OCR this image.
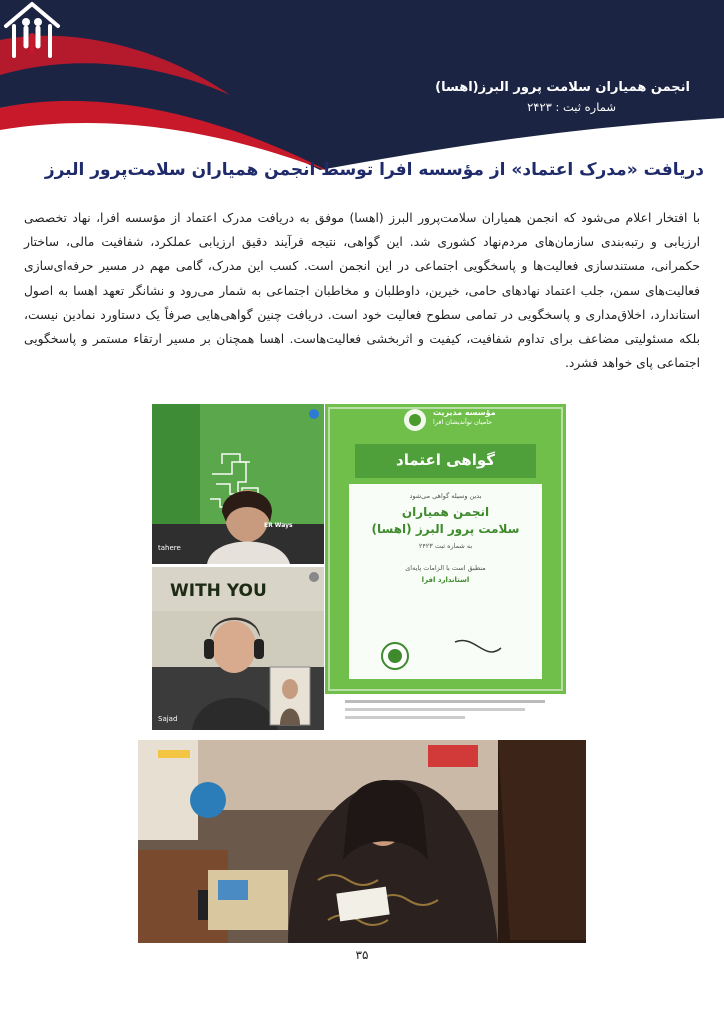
انجمن همیاران سلامت پرور البرز(اهسا)
شماره ثبت : ۲۴۲۳
دریافت «مدرک اعتماد» از مؤسسه افرا توسط انجمن همیاران سلامت‌پرور البرز
با افتخار اعلام می‌شود که انجمن همیاران سلامت‌پرور البرز (اهسا) موفق به دریافت مدرک اعتماد از مؤسسه افرا، نهاد تخصصی ارزیابی و رتبه‌بندی سازمان‌های مردم‌نهاد کشوری شد. این گواهی، نتیجه فرآیند دقیق ارزیابی عملکرد، شفافیت مالی، ساختار حکمرانی، مستندسازی فعالیت‌ها و پاسخگویی اجتماعی در این انجمن است. کسب این مدرک، گامی مهم در مسیر حرفه‌ای‌سازی فعالیت‌های سمن، جلب اعتماد نهادهای حامی، خیرین، داوطلبان و مخاطبان اجتماعی به شمار می‌رود و نشانگر تعهد اهسا به اصول استاندارد، اخلاق‌مداری و پاسخگویی در تمامی سطوح فعالیت خود است. دریافت چنین گواهی‌هایی صرفاً یک دستاورد نمادین نیست، بلکه مسئولیتی مضاعف برای تداوم شفافیت، کیفیت و اثربخشی فعالیت‌هاست. اهسا همچنان بر مسیر ارتقاء مستمر و پاسخگویی اجتماعی پای خواهد فشرد.
tahere
ER Ways
WITH YOU
Sajad
مؤسسه مدیریت
حامیان نوآندیشان افرا
گواهی اعتماد
بدین وسیله گواهی می‌شود
انجمن همیاران
سلامت پرور البرز (اهسا)
به شماره ثبت ۲۴۲۳
منطبق است با الزامات پایه‌ای
استاندارد افرا
۳۵
